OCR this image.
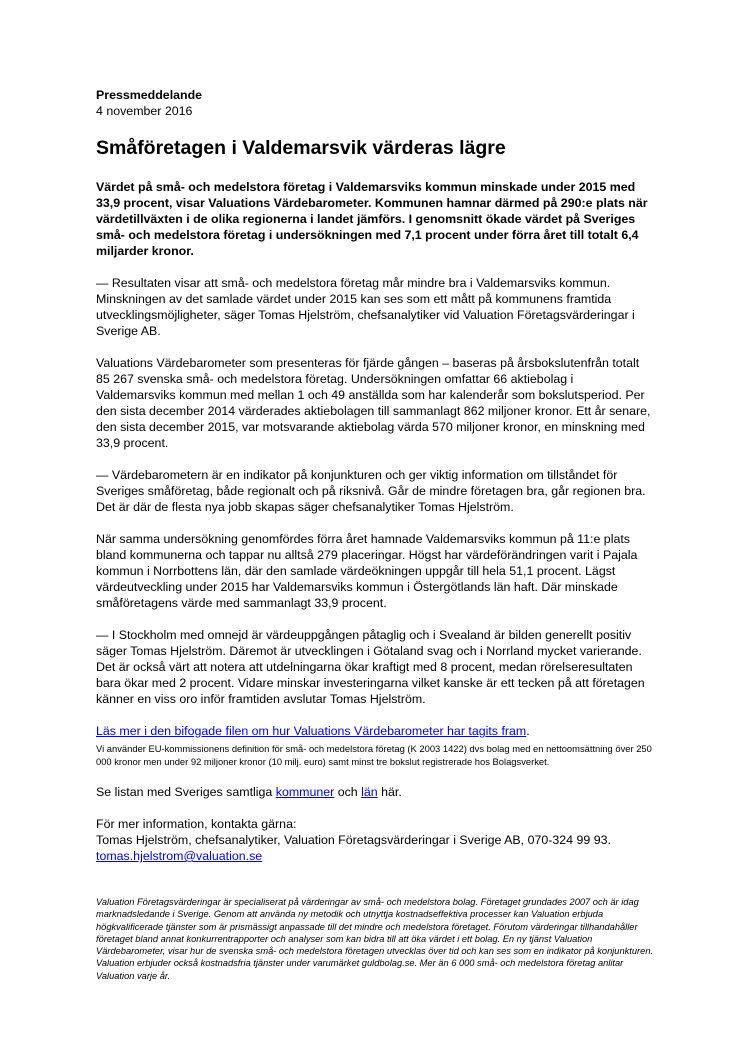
Pressmeddelande
4 november 2016
Småföretagen i Valdemarsvik värderas lägre

Värdet på små- och medelstora företag i Valdemarsviks kommun minskade under 2015 med 33,9 procent, visar Valuations Värdebarometer. Kommunen hamnar därmed på 290:e plats när värdetillväxten i de olika regionerna i landet jämförs. I genomsnitt ökade värdet på Sveriges små- och medelstora företag i undersökningen med 7,1 procent under förra året till totalt 6,4 miljarder kronor.

— Resultaten visar att små- och medelstora företag mår mindre bra i Valdemarsviks kommun. Minskningen av det samlade värdet under 2015 kan ses som ett mått på kommunens framtida utvecklingsmöjligheter, säger Tomas Hjelström, chefsanalytiker vid Valuation Företagsvärderingar i Sverige AB.

Valuations Värdebarometer som presenteras för fjärde gången – baseras på årsbokslutenfrån totalt 85 267 svenska små- och medelstora företag. Undersökningen omfattar 66 aktiebolag i Valdemarsviks kommun med mellan 1 och 49 anställda som har kalenderår som bokslutsperiod. Per den sista december 2014 värderades aktiebolagen till sammanlagt 862 miljoner kronor. Ett år senare, den sista december 2015, var motsvarande aktiebolag värda 570 miljoner kronor, en minskning med 33,9 procent.

— Värdebarometern är en indikator på konjunkturen och ger viktig information om tillståndet för Sveriges småföretag, både regionalt och på riksnivå. Går de mindre företagen bra, går regionen bra. Det är där de flesta nya jobb skapas säger chefsanalytiker Tomas Hjelström.

När samma undersökning genomfördes förra året hamnade Valdemarsviks kommun på 11:e plats bland kommunerna och tappar nu alltså 279 placeringar. Högst har värdeförändringen varit i Pajala kommun i Norrbottens län, där den samlade värdeökningen uppgår till hela 51,1 procent. Lägst värdeutveckling under 2015 har Valdemarsviks kommun i Östergötlands län haft. Där minskade småföretagens värde med sammanlagt 33,9 procent.

— I Stockholm med omnejd är värdeuppgången påtaglig och i Svealand är bilden generellt positiv säger Tomas Hjelström. Däremot är utvecklingen i Götaland svag och i Norrland mycket varierande. Det är också värt att notera att utdelningarna ökar kraftigt med 8 procent, medan rörelseresultaten bara ökar med 2 procent. Vidare minskar investeringarna vilket kanske är ett tecken på att företagen känner en viss oro inför framtiden avslutar Tomas Hjelström.

Läs mer i den bifogade filen om hur Valuations Värdebarometer har tagits fram.
Vi använder EU-kommissionens definition för små- och medelstora företag (K 2003 1422) dvs bolag med en nettoomsättning över 250 000 kronor men under 92 miljoner kronor (10 milj. euro) samt minst tre bokslut registrerade hos Bolagsverket.

Se listan med Sveriges samtliga kommuner och län här.

För mer information, kontakta gärna:
Tomas Hjelström, chefsanalytiker, Valuation Företagsvärderingar i Sverige AB, 070-324 99 93.
tomas.hjelstrom@valuation.se
Valuation Företagsvärderingar är specialiserat på värderingar av små- och medelstora bolag. Företaget grundades 2007 och är idag marknadsledande i Sverige. Genom att använda ny metodik och utnyttja kostnadseffektiva processer kan Valuation erbjuda högkvalificerade tjänster som är prismässigt anpassade till det mindre och medelstora företaget. Förutom värderingar tillhandahåller företaget bland annat konkurrentrapporter och analyser som kan bidra till att öka värdet i ett bolag. En ny tjänst Valuation Värdebarometer, visar hur de svenska små- och medelstora företagen utvecklas över tid och kan ses som en indikator på konjunkturen. Valuation erbjuder också kostnadsfria tjänster under varumärket guldbolag.se. Mer än 6 000 små- och medelstora företag anlitar Valuation varje år.
